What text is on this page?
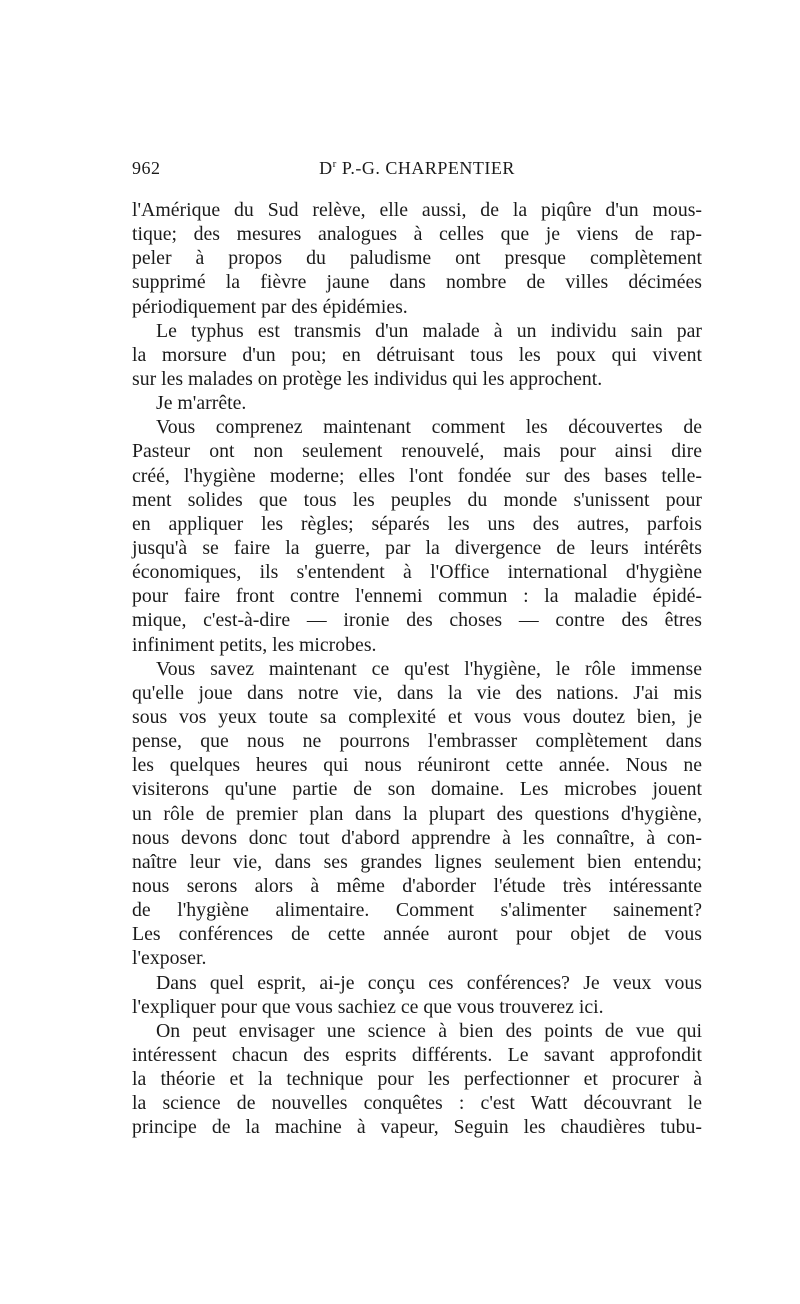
962	$D^r$ P.-G. CHARPENTIER

l'Amérique du Sud relève, elle aussi, de la piqûre d'un mous-
tique; des mesures analogues à celles que je viens de rap-
peler à propos du paludisme ont presque complètement
supprimé la fièvre jaune dans nombre de villes décimées
périodiquement par des épidémies.

Le typhus est transmis d'un malade à un individu sain par
la morsure d'un pou; en détruisant tous les poux qui vivent
sur les malades on protège les individus qui les approchent.

Je m'arrête.

Vous comprenez maintenant comment les découvertes de
Pasteur ont non seulement renouvelé, mais pour ainsi dire
créé, l'hygiène moderne; elles l'ont fondée sur des bases telle-
ment solides que tous les peuples du monde s'unissent pour
en appliquer les règles; séparés les uns des autres, parfois
jusqu'à se faire la guerre, par la divergence de leurs intérêts
économiques, ils s'entendent à l'Office international d'hygiène
pour faire front contre l'ennemi commun : la maladie épidé-
mique, c'est-à-dire — ironie des choses — contre des êtres
infiniment petits, les microbes.

Vous savez maintenant ce qu'est l'hygiène, le rôle immense
qu'elle joue dans notre vie, dans la vie des nations. J'ai mis
sous vos yeux toute sa complexité et vous vous doutez bien, je
pense, que nous ne pourrons l'embrasser complètement dans
les quelques heures qui nous réuniront cette année. Nous ne
visiterons qu'une partie de son domaine. Les microbes jouent
un rôle de premier plan dans la plupart des questions d'hygiène,
nous devons donc tout d'abord apprendre à les connaître, à con-
naître leur vie, dans ses grandes lignes seulement bien entendu;
nous serons alors à même d'aborder l'étude très intéressante
de l'hygiène alimentaire. Comment s'alimenter sainement?
Les conférences de cette année auront pour objet de vous
l'exposer.

Dans quel esprit, ai-je conçu ces conférences? Je veux vous
l'expliquer pour que vous sachiez ce que vous trouverez ici.

On peut envisager une science à bien des points de vue qui
intéressent chacun des esprits différents. Le savant approfondit
la théorie et la technique pour les perfectionner et procurer à
la science de nouvelles conquêtes : c'est Watt découvrant le
principe de la machine à vapeur, Seguin les chaudières tubu-
